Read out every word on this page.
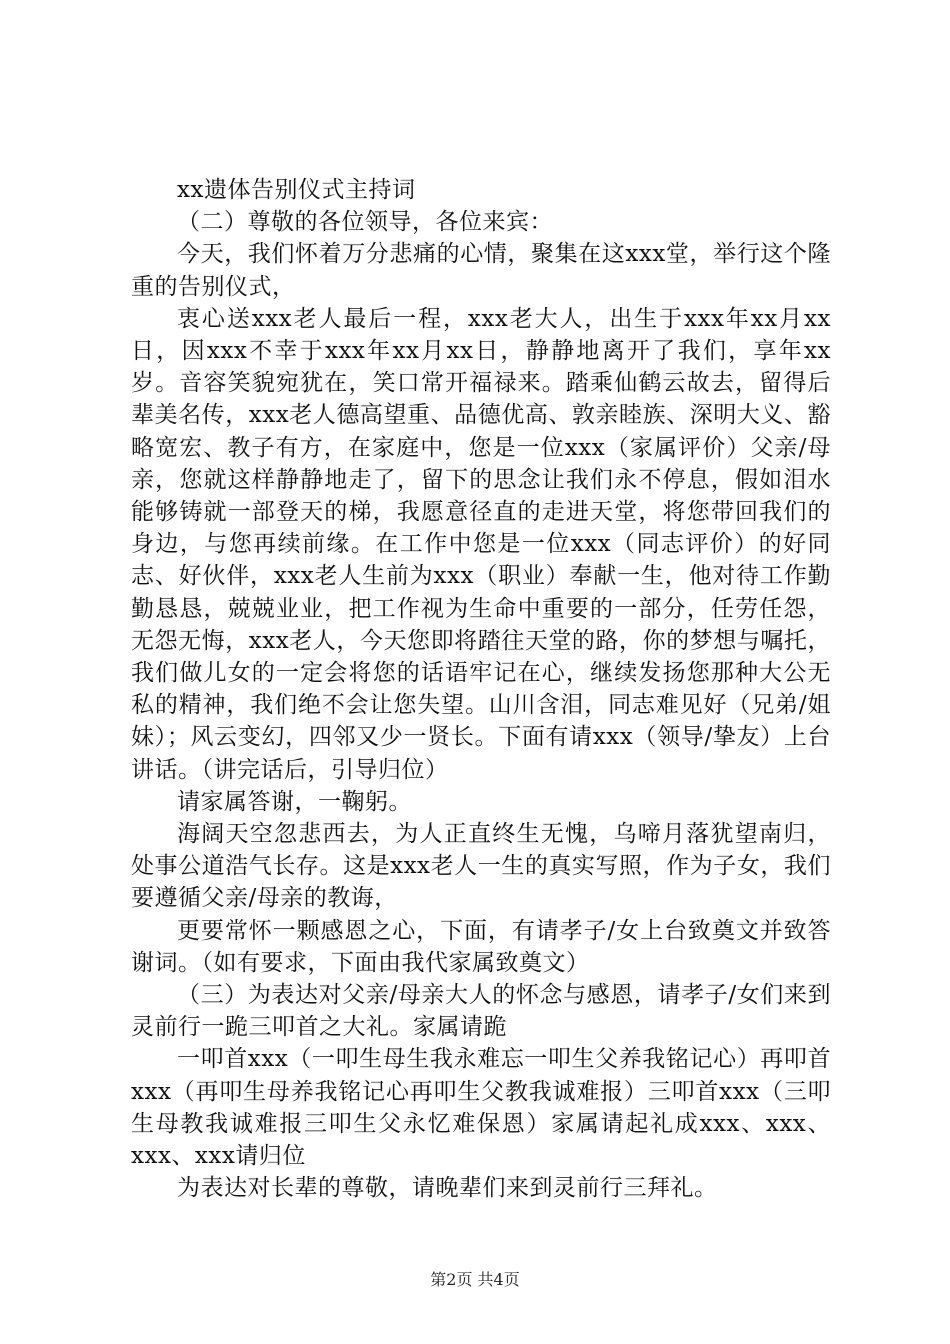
xx遗体告别仪式主持词

（二）尊敬的各位领导，各位来宾：

今天，我们怀着万分悲痛的心情，聚集在这xxx堂，举行这个隆重的告别仪式，

衷心送xxx老人最后一程，xxx老大人，出生于xxx年xx月xx日，因xxx不幸于xxx年xx月xx日，静静地离开了我们，享年xx岁。音容笑貌宛犹在，笑口常开福禄来。踏乘仙鹤云故去，留得后辈美名传，xxx老人德高望重、品德优高、敦亲睦族、深明大义、豁略宽宏、教子有方，在家庭中，您是一位xxx（家属评价）父亲/母亲，您就这样静静地走了，留下的思念让我们永不停息，假如泪水能够铸就一部登天的梯，我愿意径直的走进天堂，将您带回我们的身边，与您再续前缘。在工作中您是一位xxx（同志评价）的好同志、好伙伴，xxx老人生前为xxx（职业）奉献一生，他对待工作勤勤恳恳，兢兢业业，把工作视为生命中重要的一部分，任劳任怨，无怨无悔，xxx老人，今天您即将踏往天堂的路，你的梦想与嘱托，我们做儿女的一定会将您的话语牢记在心，继续发扬您那种大公无私的精神，我们绝不会让您失望。山川含泪，同志难见好（兄弟/姐妹）；风云变幻，四邻又少一贤长。下面有请xxx（领导/挚友）上台讲话。（讲完话后，引导归位）

请家属答谢，一鞠躬。

海阔天空忽悲西去，为人正直终生无愧，乌啼月落犹望南归，处事公道浩气长存。这是xxx老人一生的真实写照，作为子女，我们要遵循父亲/母亲的教诲，

更要常怀一颗感恩之心，下面，有请孝子/女上台致奠文并致答谢词。（如有要求，下面由我代家属致奠文）

（三）为表达对父亲/母亲大人的怀念与感恩，请孝子/女们来到灵前行一跪三叩首之大礼。家属请跪

一叩首xxx（一叩生母生我永难忘一叩生父养我铭记心）再叩首xxx（再叩生母养我铭记心再叩生父教我诚难报）三叩首xxx（三叩生母教我诚难报三叩生父永忆难保恩）家属请起礼成xxx、xxx、xxx、xxx请归位

为表达对长辈的尊敬，请晚辈们来到灵前行三拜礼。

第2页 共4页
